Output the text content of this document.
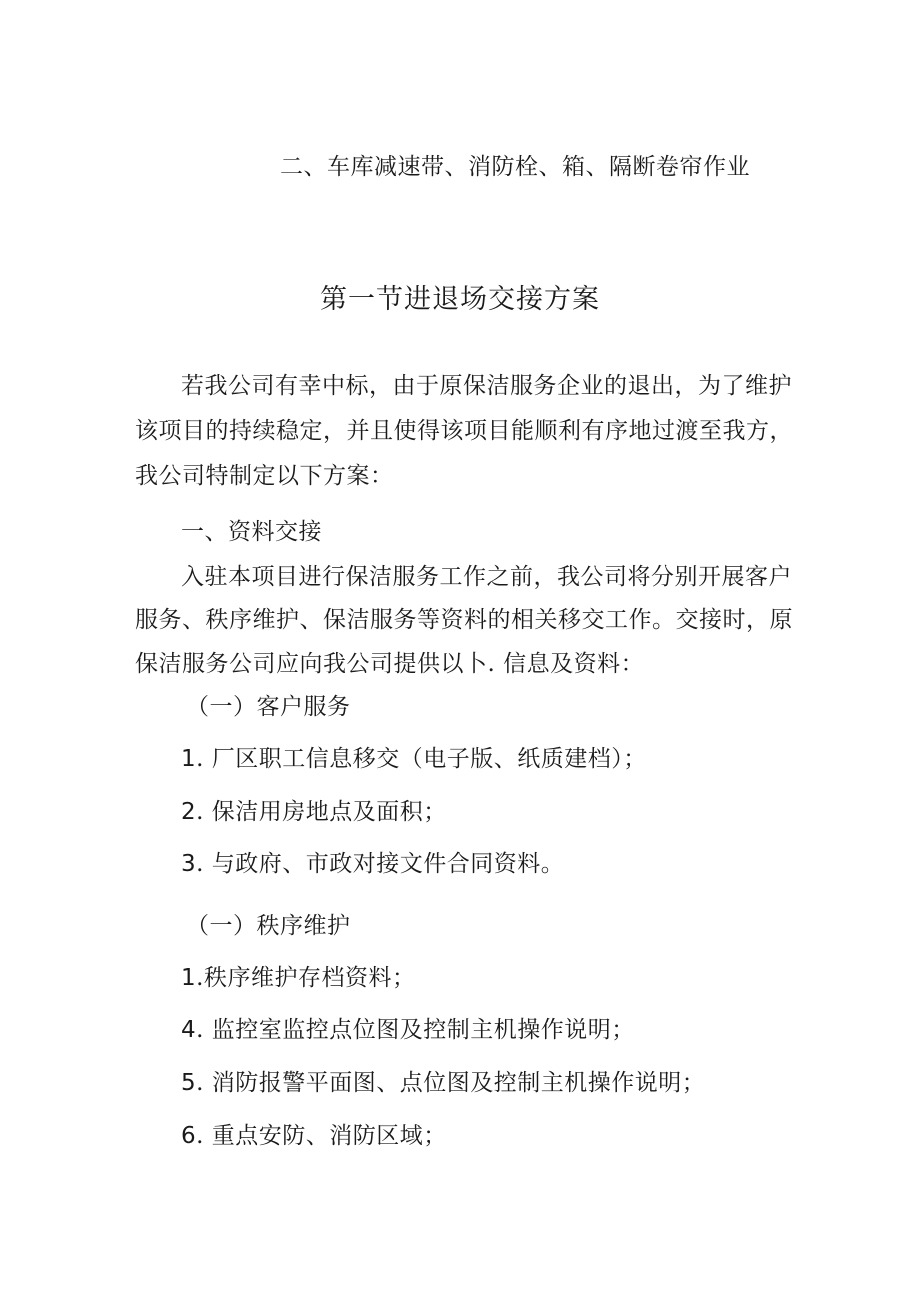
二、车库减速带、消防栓、箱、隔断卷帘作业
第一节进退场交接方案
若我公司有幸中标，由于原保洁服务企业的退出，为了维护
该项目的持续稳定，并且使得该项目能顺利有序地过渡至我方，
我公司特制定以下方案：
一、资料交接
入驻本项目进行保洁服务工作之前，我公司将分别开展客户
服务、秩序维护、保洁服务等资料的相关移交工作。交接时，原
保洁服务公司应向我公司提供以卜. 信息及资料：
（一）客户服务
1. 厂区职工信息移交（电子版、纸质建档）；
2. 保洁用房地点及面积；
3. 与政府、市政对接文件合同资料。
（一）秩序维护
1.秩序维护存档资料；
4. 监控室监控点位图及控制主机操作说明；
5. 消防报警平面图、点位图及控制主机操作说明；
6. 重点安防、消防区域；
